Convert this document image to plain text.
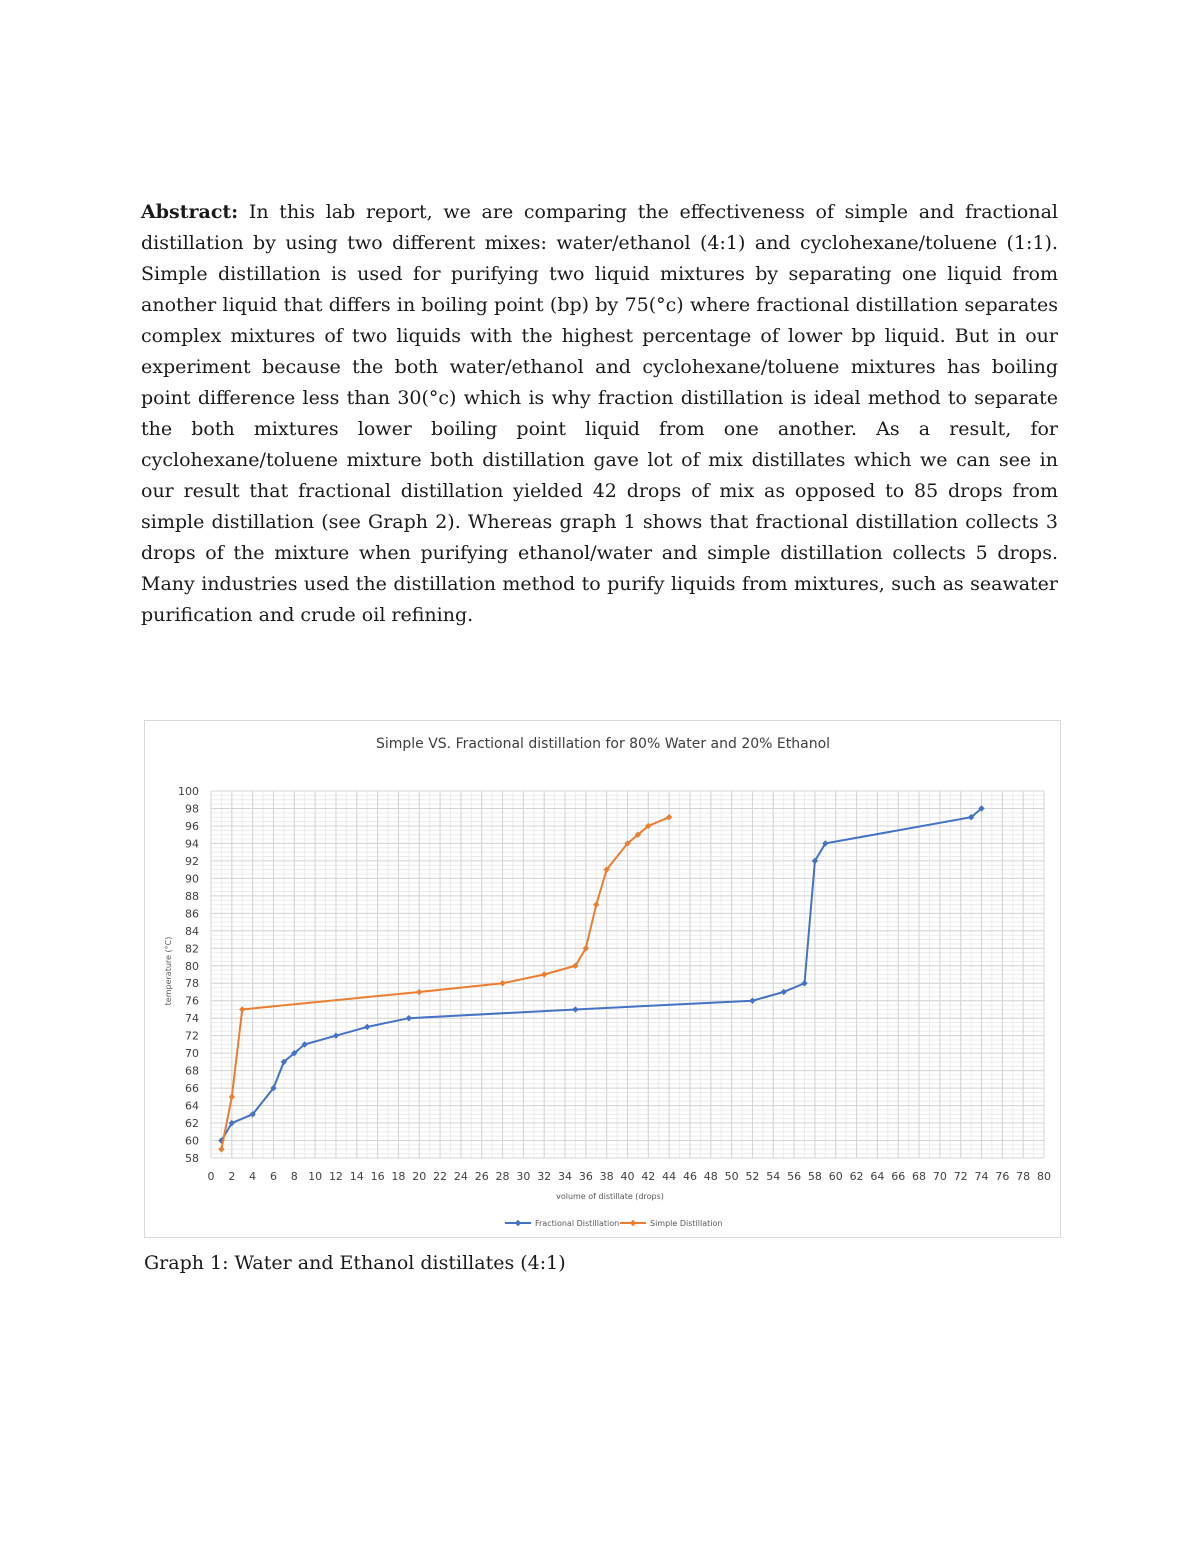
Abstract: In this lab report, we are comparing the effectiveness of simple and fractional distillation by using two different mixes: water/ethanol (4:1) and cyclohexane/toluene (1:1). Simple distillation is used for purifying two liquid mixtures by separating one liquid from another liquid that differs in boiling point (bp) by 75(°c) where fractional distillation separates complex mixtures of two liquids with the highest percentage of lower bp liquid. But in our experiment because the both water/ethanol and cyclohexane/toluene mixtures has boiling point difference less than 30(°c) which is why fraction distillation is ideal method to separate the both mixtures lower boiling point liquid from one another. As a result, for cyclohexane/toluene mixture both distillation gave lot of mix distillates which we can see in our result that fractional distillation yielded 42 drops of mix as opposed to 85 drops from simple distillation (see Graph 2). Whereas graph 1 shows that fractional distillation collects 3 drops of the mixture when purifying ethanol/water and simple distillation collects 5 drops. Many industries used the distillation method to purify liquids from mixtures, such as seawater purification and crude oil refining.

Simple VS. Fractional distillation for 80% Water and 20% Ethanol
0 2 4 6 8 10 12 14 16 18 20 22 24 26 28 30 32 34 36 38 40 42 44 46 48 50 52 54 56 58 60 62 64 66 68 70 72 74 76 78 80
58
60
62
64
66
68
70
72
74
76
78
80
82
84
86
88
90
92
94
96
98
100
volume of distillate (drops)
temperature (°C)
Fractional Distillation	Simple Distillation

Graph 1: Water and Ethanol distillates (4:1)
